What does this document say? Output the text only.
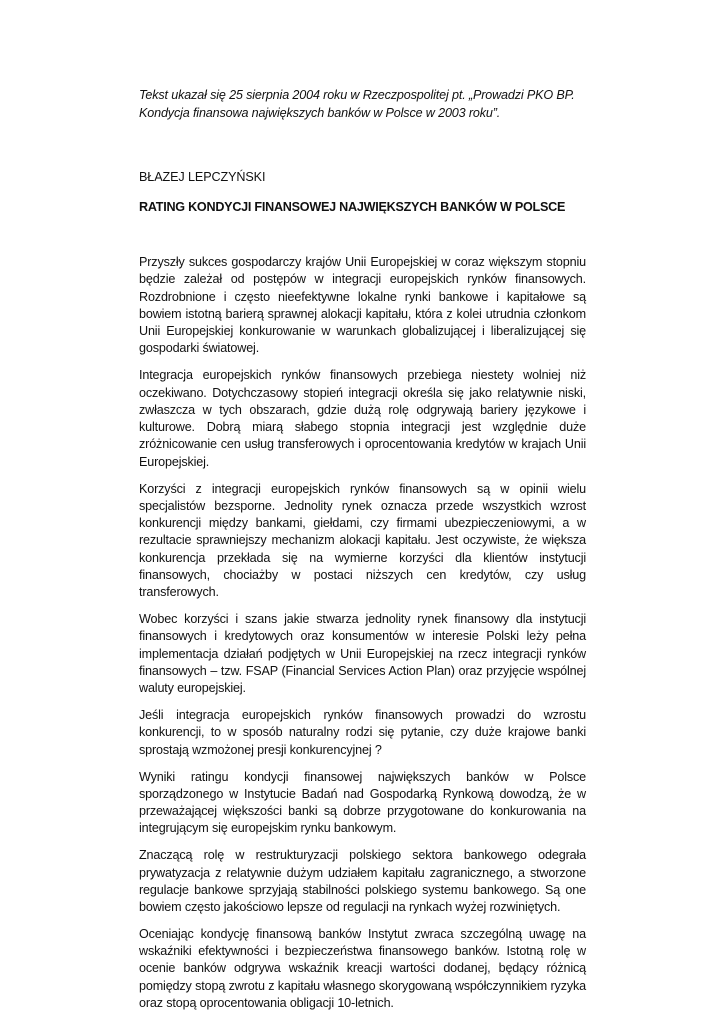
Tekst ukazał się 25 sierpnia 2004 roku w Rzeczpospolitej pt. „Prowadzi PKO BP. Kondycja finansowa największych banków w Polsce w 2003 roku”.

BŁAZEJ LEPCZYŃSKI

RATING KONDYCJI FINANSOWEJ NAJWIĘKSZYCH BANKÓW W POLSCE

Przyszły sukces gospodarczy krajów Unii Europejskiej w coraz większym stopniu będzie zależał od postępów w integracji europejskich rynków finansowych. Rozdrobnione i często nieefektywne lokalne rynki bankowe i kapitałowe są bowiem istotną barierą sprawnej alokacji kapitału, która z kolei utrudnia członkom Unii Europejskiej konkurowanie w warunkach globalizującej i liberalizującej się gospodarki światowej.

Integracja europejskich rynków finansowych przebiega niestety wolniej niż oczekiwano. Dotychczasowy stopień integracji określa się jako relatywnie niski, zwłaszcza w tych obszarach, gdzie dużą rolę odgrywają bariery językowe i kulturowe. Dobrą miarą słabego stopnia integracji jest względnie duże zróżnicowanie cen usług transferowych i oprocentowania kredytów w krajach Unii Europejskiej.

Korzyści z integracji europejskich rynków finansowych są w opinii wielu specjalistów bezsporne. Jednolity rynek oznacza przede wszystkich wzrost konkurencji między bankami, giełdami, czy firmami ubezpieczeniowymi, a w rezultacie sprawniejszy mechanizm alokacji kapitału. Jest oczywiste, że większa konkurencja przekłada się na wymierne korzyści dla klientów instytucji finansowych, chociażby w postaci niższych cen kredytów, czy usług transferowych.

Wobec korzyści i szans jakie stwarza jednolity rynek finansowy dla instytucji finansowych i kredytowych oraz konsumentów w interesie Polski leży pełna implementacja działań podjętych w Unii Europejskiej na rzecz integracji rynków finansowych – tzw. FSAP (Financial Services Action Plan) oraz przyjęcie wspólnej waluty europejskiej.

Jeśli integracja europejskich rynków finansowych prowadzi do wzrostu konkurencji, to w sposób naturalny rodzi się pytanie, czy duże krajowe banki sprostają wzmożonej presji konkurencyjnej ?

Wyniki ratingu kondycji finansowej największych banków w Polsce sporządzonego w Instytucie Badań nad Gospodarką Rynkową dowodzą, że w przeważającej większości banki są dobrze przygotowane do konkurowania na integrującym się europejskim rynku bankowym.

Znaczącą rolę w restrukturyzacji polskiego sektora bankowego odegrała prywatyzacja z relatywnie dużym udziałem kapitału zagranicznego, a stworzone regulacje bankowe sprzyjają stabilności polskiego systemu bankowego. Są one bowiem często jakościowo lepsze od regulacji na rynkach wyżej rozwiniętych.

Oceniając kondycję finansową banków Instytut zwraca szczególną uwagę na wskaźniki efektywności i bezpieczeństwa finansowego banków. Istotną rolę w ocenie banków odgrywa wskaźnik kreacji wartości dodanej, będący różnicą pomiędzy stopą zwrotu z kapitału własnego skorygowaną współczynnikiem ryzyka oraz stopą oprocentowania obligacji 10-letnich.
